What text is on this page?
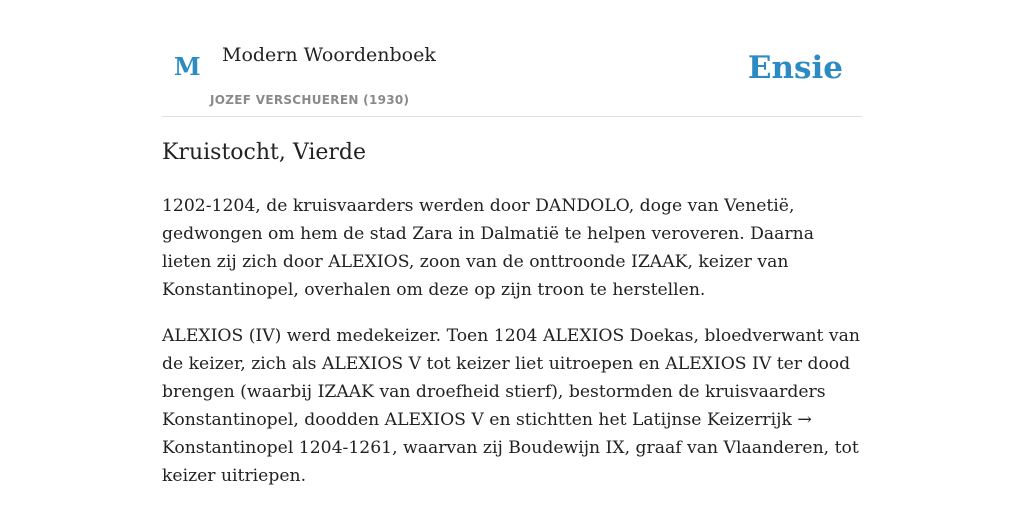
M Modern Woordenboek
JOZEF VERSCHUEREN (1930)
Ensie
Kruistocht, Vierde

1202-1204, de kruisvaarders werden door DANDOLO, doge van Venetië, gedwongen om hem de stad Zara in Dalmatië te helpen veroveren. Daarna lieten zij zich door ALEXIOS, zoon van de onttroonde IZAAK, keizer van Konstantinopel, overhalen om deze op zijn troon te herstellen.

ALEXIOS (IV) werd medekeizer. Toen 1204 ALEXIOS Doekas, bloedverwant van de keizer, zich als ALEXIOS V tot keizer liet uitroepen en ALEXIOS IV ter dood brengen (waarbij IZAAK van droefheid stierf), bestormden de kruisvaarders Konstantinopel, doodden ALEXIOS V en stichtten het Latijnse Keizerrijk → Konstantinopel 1204-1261, waarvan zij Boudewijn IX, graaf van Vlaanderen, tot keizer uitriepen.
